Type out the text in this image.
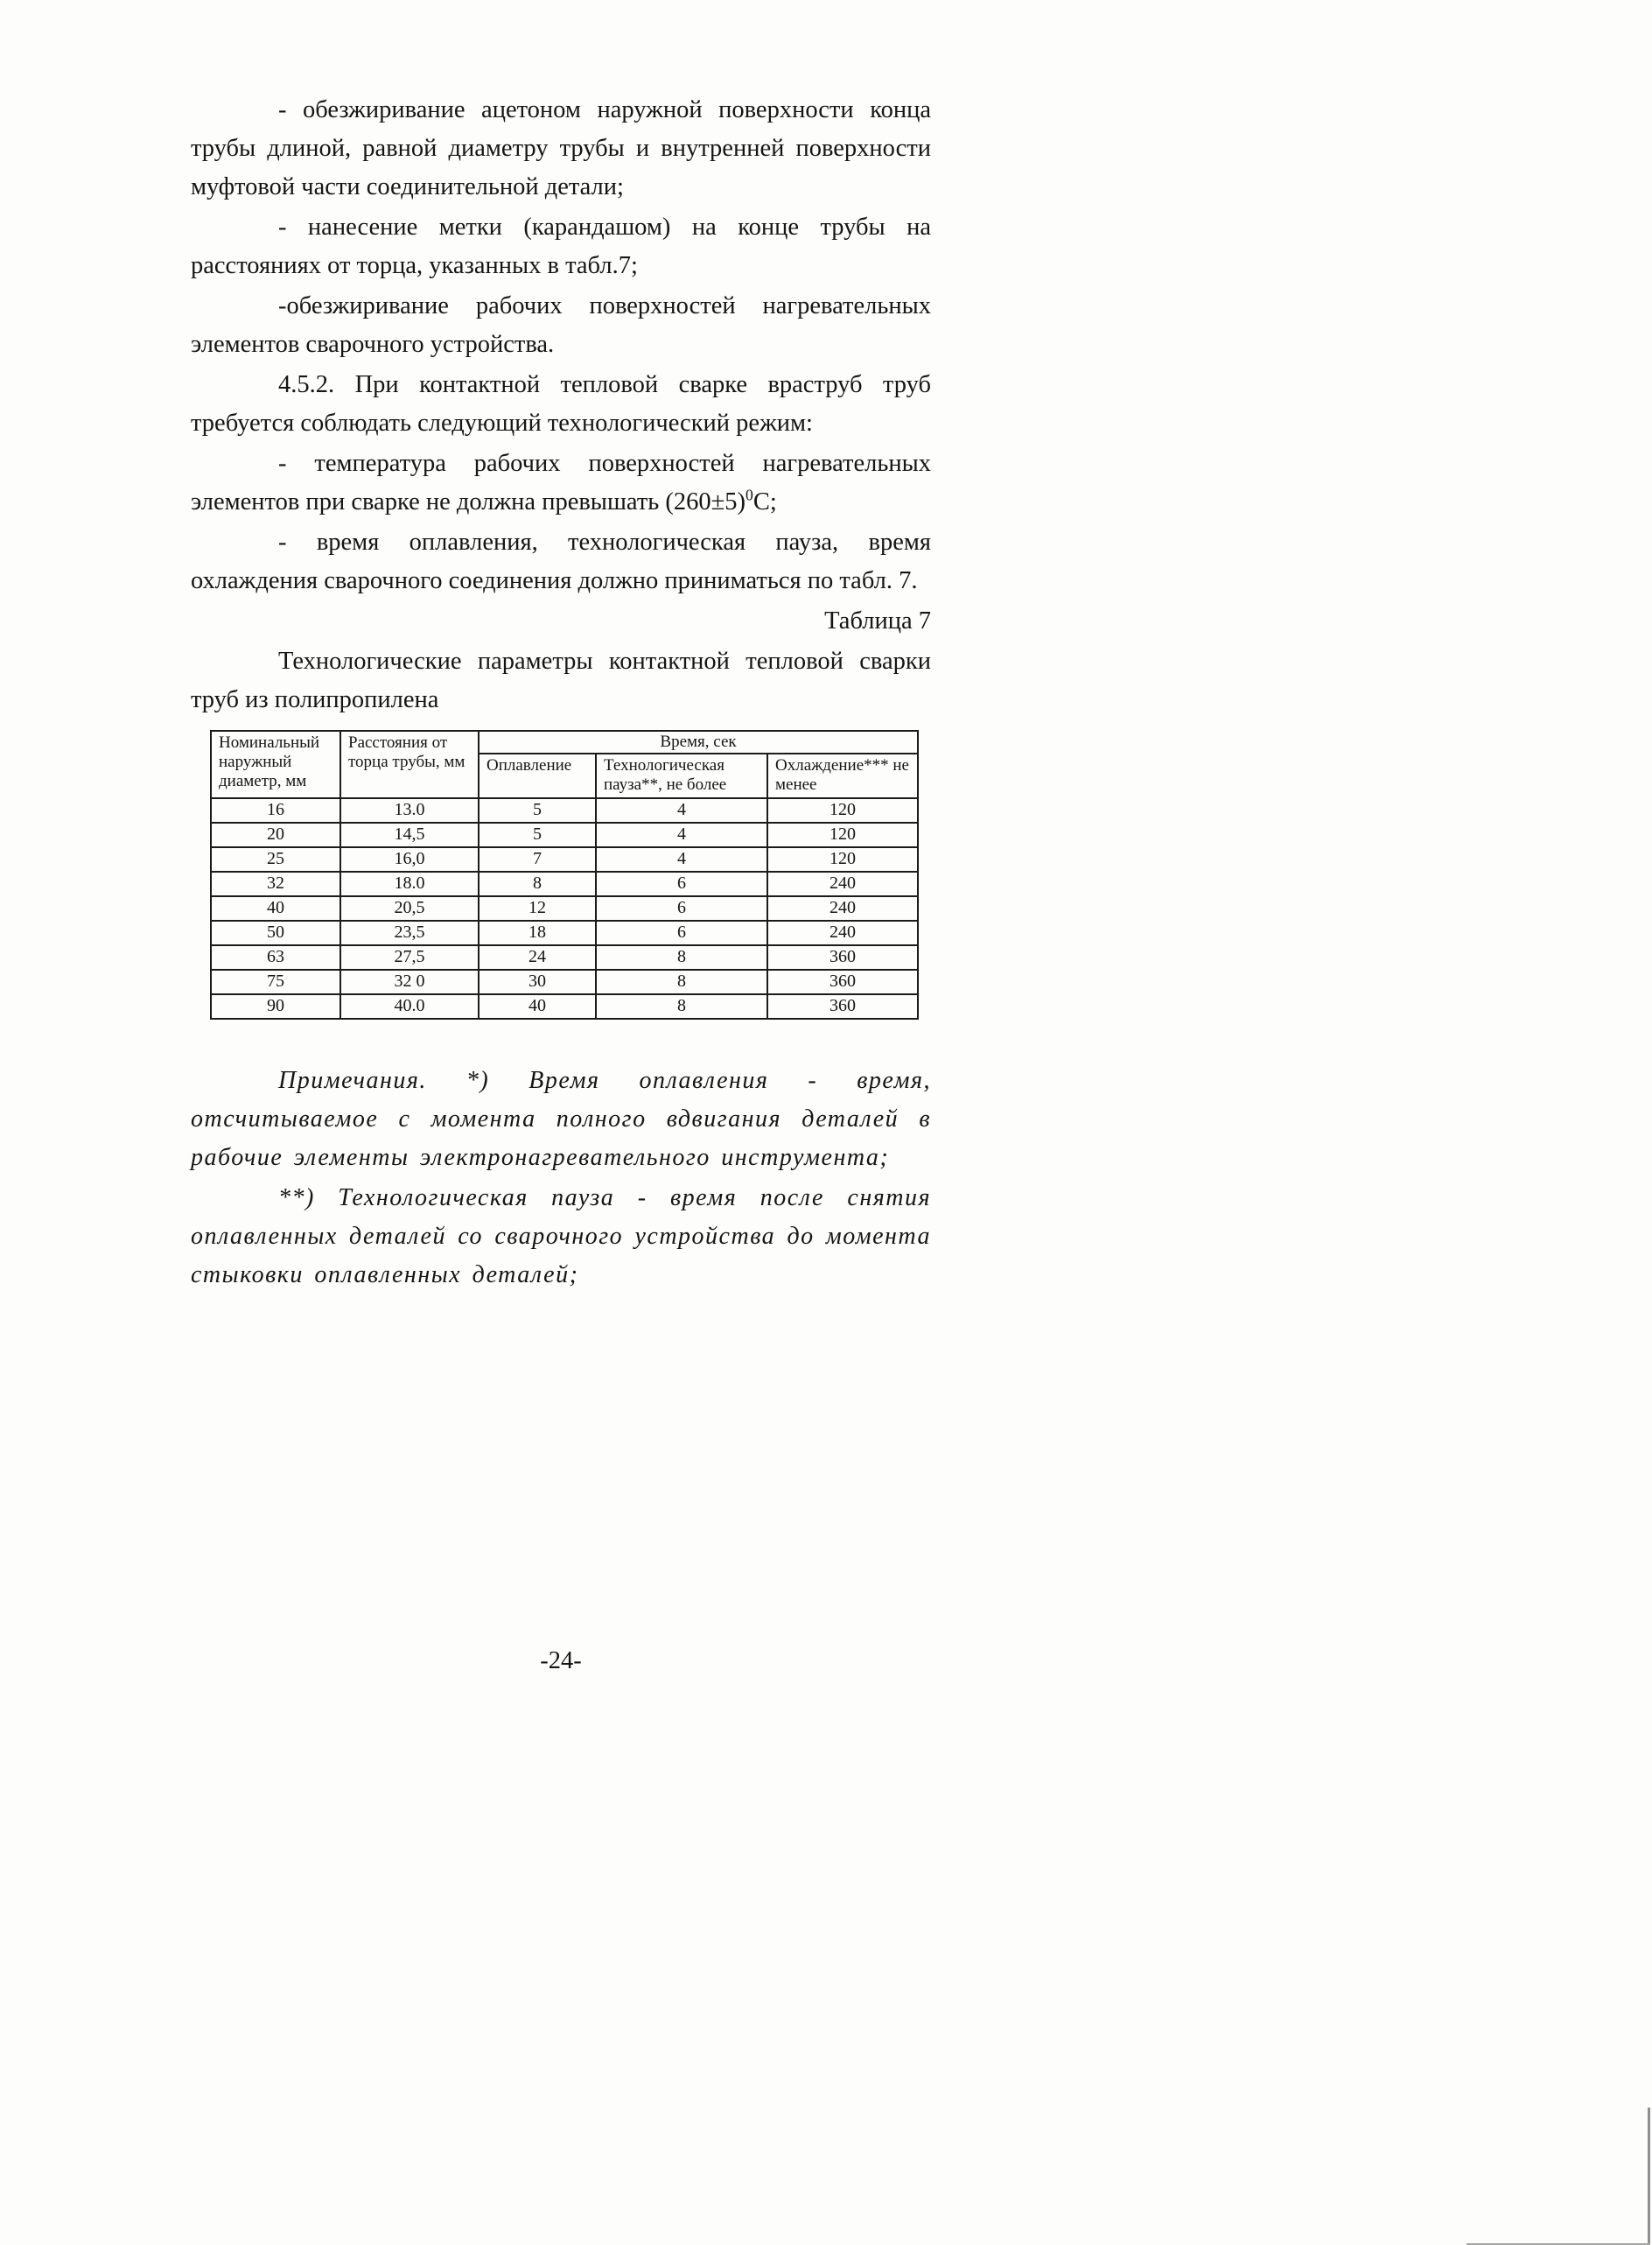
- обезжиривание ацетоном наружной поверхности конца трубы длиной, равной диаметру трубы и внутренней поверхности муфтовой части соединительной детали;

- нанесение метки (карандашом) на конце трубы на расстояниях от торца, указанных в табл.7;

-обезжиривание рабочих поверхностей нагревательных элементов сварочного устройства.

4.5.2. При контактной тепловой сварке враструб труб требуется соблюдать следующий технологический режим:

- температура рабочих поверхностей нагревательных элементов при сварке не должна превышать $(260\pm 5)^0С$;

- время оплавления, технологическая пауза, время охлаждения сварочного соединения должно приниматься по табл. 7.

Таблица 7

Технологические параметры контактной тепловой сварки труб из полипропилена

Номинальный наружный диаметр, мм	Расстояния от торца трубы, мм	Время, сек		
		Оплавление	Технологическая пауза**, не более	Охлаждение*** не менее
16	13.0	5	4	120
20	14,5	5	4	120
25	16,0	7	4	120
32	18.0	8	6	240
40	20,5	12	6	240
50	23,5	18	6	240
63	27,5	24	8	360
75	32 0	30	8	360
90	40.0	40	8	360

Примечания. *) Время оплавления - время, отсчитываемое с момента полного вдвигания деталей в рабочие элементы электронагревательного инструмента;

**) Технологическая пауза - время после снятия оплавленных деталей со сварочного устройства до момента стыковки оплавленных деталей;

-24-
